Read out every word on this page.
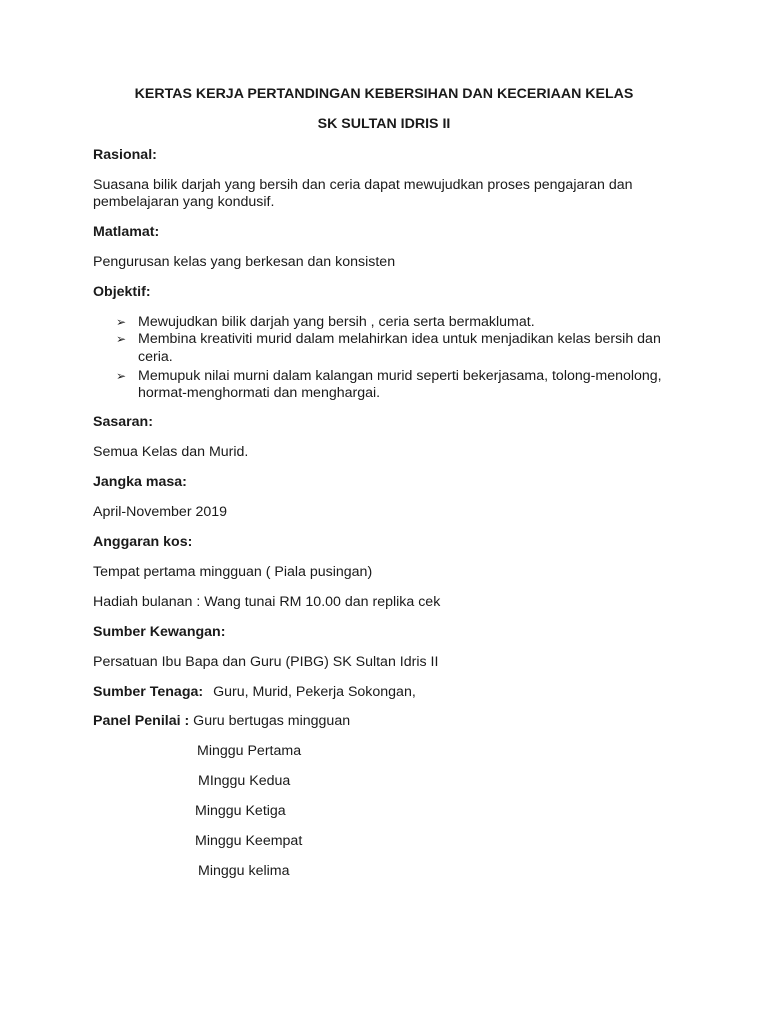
KERTAS KERJA PERTANDINGAN KEBERSIHAN DAN KECERIAAN KELAS
SK SULTAN IDRIS II
Rasional:
Suasana bilik darjah yang bersih dan ceria dapat mewujudkan proses pengajaran dan
pembelajaran yang kondusif.
Matlamat:
Pengurusan kelas yang berkesan dan konsisten
Objektif:
➢ Mewujudkan bilik darjah yang bersih , ceria serta bermaklumat.
➢ Membina kreativiti murid dalam melahirkan idea untuk menjadikan kelas bersih dan
ceria.
➢ Memupuk nilai murni dalam kalangan murid seperti bekerjasama, tolong-menolong,
hormat-menghormati dan menghargai.
Sasaran:
Semua Kelas dan Murid.
Jangka masa:
April-November 2019
Anggaran kos:
Tempat pertama mingguan ( Piala pusingan)
Hadiah bulanan : Wang tunai RM 10.00 dan replika cek
Sumber Kewangan:
Persatuan Ibu Bapa dan Guru (PIBG) SK Sultan Idris II
Sumber Tenaga: Guru, Murid, Pekerja Sokongan,
Panel Penilai : Guru bertugas mingguan
Minggu Pertama
MInggu Kedua
Minggu Ketiga
Minggu Keempat
Minggu kelima
